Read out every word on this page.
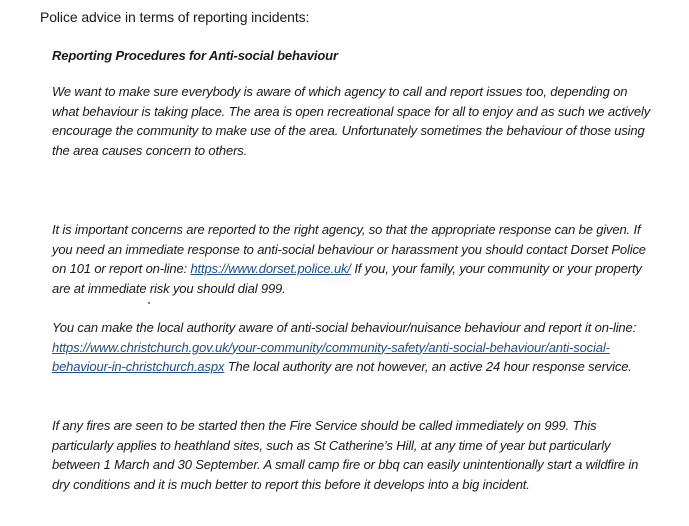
Police advice in terms of reporting incidents:
Reporting Procedures for Anti-social behaviour
We want to make sure everybody is aware of which agency to call and report issues too, depending on what behaviour is taking place. The area is open recreational space for all to enjoy and as such we actively encourage the community to make use of the area. Unfortunately sometimes the behaviour of those using the area causes concern to others.
It is important concerns are reported to the right agency, so that the appropriate response can be given. If you need an immediate response to anti-social behaviour or harassment you should contact Dorset Police on 101 or report on-line: https://www.dorset.police.uk/ If you, your family, your community or your property are at immediate risk you should dial 999.
You can make the local authority aware of anti-social behaviour/nuisance behaviour and report it on-line: https://www.christchurch.gov.uk/your-community/community-safety/anti-social-behaviour/anti-social-behaviour-in-christchurch.aspx The local authority are not however, an active 24 hour response service.
If any fires are seen to be started then the Fire Service should be called immediately on 999. This particularly applies to heathland sites, such as St Catherine’s Hill, at any time of year but particularly between 1 March and 30 September. A small camp fire or bbq can easily unintentionally start a wildfire in dry conditions and it is much better to report this before it develops into a big incident.
